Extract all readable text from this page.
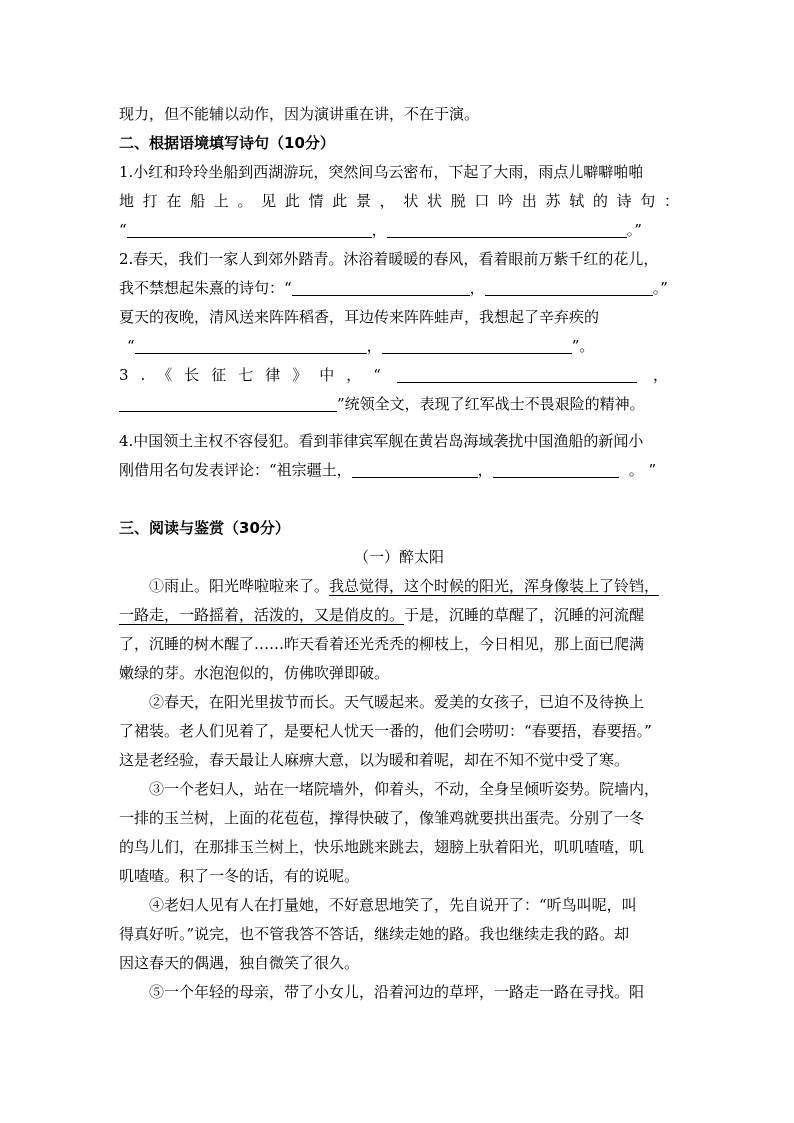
现力，但不能辅以动作，因为演讲重在讲，不在于演。
二、根据语境填写诗句（10分）
1.小红和玲玲坐船到西湖游玩，突然间乌云密布，下起了大雨，雨点儿噼噼啪啪
地打在船上。见此情此景，状状脱口吟出苏轼的诗句：
“	，	。”
2.春天，我们一家人到郊外踏青。沐浴着暖暖的春风，看着眼前万紫千红的花儿，
我不禁想起朱熹的诗句：“	，	。”
夏天的夜晚，清风送来阵阵稻香，耳边传来阵阵蛙声，我想起了辛弃疾的
“	，	”。
3.《长征七律》中，“	，
”统领全文，表现了红军战士不畏艰险的精神。
4.中国领土主权不容侵犯。看到菲律宾军舰在黄岩岛海域袭扰中国渔船的新闻小
刚借用名句发表评论：“祖宗疆土，	，	。 ”
三、阅读与鉴赏（30分）
（一）醉太阳
①雨止。阳光哗啦啦来了。我总觉得，这个时候的阳光，浑身像装上了铃铛，
一路走，一路摇着，活泼的，又是俏皮的。于是，沉睡的草醒了，沉睡的河流醒
了，沉睡的树木醒了……昨天看着还光秃秃的柳枝上，今日相见，那上面已爬满
嫩绿的芽。水泡泡似的，仿佛吹弹即破。
②春天，在阳光里拔节而长。天气暖起来。爱美的女孩子，已迫不及待换上
了裙装。老人们见着了，是要杞人忧天一番的，他们会唠叨：“春要捂，春要捂。”
这是老经验，春天最让人麻痹大意，以为暖和着呢，却在不知不觉中受了寒。
③一个老妇人，站在一堵院墙外，仰着头，不动，全身呈倾听姿势。院墙内，
一排的玉兰树，上面的花苞苞，撑得快破了，像雏鸡就要拱出蛋壳。分别了一冬
的鸟儿们，在那排玉兰树上，快乐地跳来跳去，翅膀上驮着阳光，叽叽喳喳，叽
叽喳喳。积了一冬的话，有的说呢。
④老妇人见有人在打量她，不好意思地笑了，先自说开了：“听鸟叫呢，叫
得真好听。”说完，也不管我答不答话，继续走她的路。我也继续走我的路。却
因这春天的偶遇，独自微笑了很久。
⑤一个年轻的母亲，带了小女儿，沿着河边的草坪，一路走一路在寻找。阳
